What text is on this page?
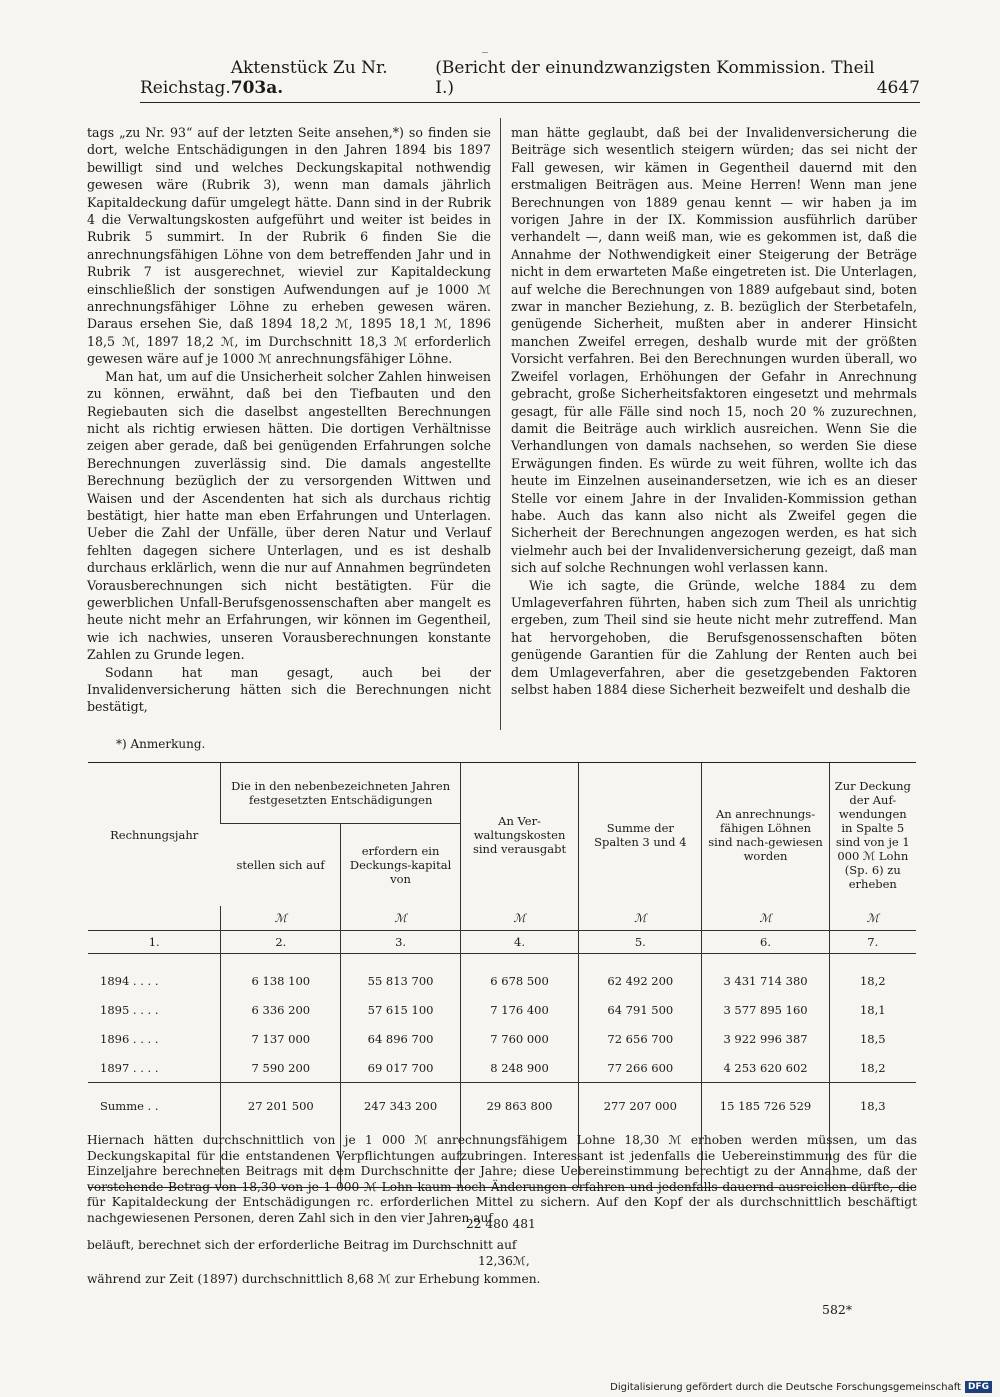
Reichstag.
Aktenstück Zu Nr. 703a.
(Bericht der einundzwanzigsten Kommission. Theil I.)	4647

tags „zu Nr. 93“ auf der letzten Seite ansehen,*) so finden sie dort, welche Entschädigungen in den Jahren 1894 bis 1897 bewilligt sind und welches Deckungskapital nothwendig gewesen wäre (Rubrik 3), wenn man damals jährlich Kapitaldeckung dafür umgelegt hätte. Dann sind in der Rubrik 4 die Verwaltungskosten aufgeführt und weiter ist beides in Rubrik 5 summirt. In der Rubrik 6 finden Sie die anrechnungsfähigen Löhne von dem betreffenden Jahr und in Rubrik 7 ist ausgerechnet, wieviel zur Kapitaldeckung einschließlich der sonstigen Aufwendungen auf je 1000 ℳ anrechnungsfähiger Löhne zu erheben gewesen wären. Daraus ersehen Sie, daß 1894 18,2 ℳ, 1895 18,1 ℳ, 1896 18,5 ℳ, 1897 18,2 ℳ, im Durchschnitt 18,3 ℳ erforderlich gewesen wäre auf je 1000 ℳ anrechnungsfähiger Löhne.

Man hat, um auf die Unsicherheit solcher Zahlen hinweisen zu können, erwähnt, daß bei den Tiefbauten und den Regiebauten sich die daselbst angestellten Berechnungen nicht als richtig erwiesen hätten. Die dortigen Verhältnisse zeigen aber gerade, daß bei genügenden Erfahrungen solche Berechnungen zuverlässig sind. Die damals angestellte Berechnung bezüglich der zu versorgenden Wittwen und Waisen und der Ascendenten hat sich als durchaus richtig bestätigt, hier hatte man eben Erfahrungen und Unterlagen. Ueber die Zahl der Unfälle, über deren Natur und Verlauf fehlten dagegen sichere Unterlagen, und es ist deshalb durchaus erklärlich, wenn die nur auf Annahmen begründeten Vorausberechnungen sich nicht bestätigten. Für die gewerblichen Unfall-Berufsgenossenschaften aber mangelt es heute nicht mehr an Erfahrungen, wir können im Gegentheil, wie ich nachwies, unseren Vorausberechnungen konstante Zahlen zu Grunde legen.

Sodann hat man gesagt, auch bei der Invalidenversicherung hätten sich die Berechnungen nicht bestätigt,

man hätte geglaubt, daß bei der Invalidenversicherung die Beiträge sich wesentlich steigern würden; das sei nicht der Fall gewesen, wir kämen in Gegentheil dauernd mit den erstmaligen Beiträgen aus. Meine Herren! Wenn man jene Berechnungen von 1889 genau kennt — wir haben ja im vorigen Jahre in der IX. Kommission ausführlich darüber verhandelt —, dann weiß man, wie es gekommen ist, daß die Annahme der Nothwendigkeit einer Steigerung der Beträge nicht in dem erwarteten Maße eingetreten ist. Die Unterlagen, auf welche die Berechnungen von 1889 aufgebaut sind, boten zwar in mancher Beziehung, z. B. bezüglich der Sterbetafeln, genügende Sicherheit, mußten aber in anderer Hinsicht manchen Zweifel erregen, deshalb wurde mit der größten Vorsicht verfahren. Bei den Berechnungen wurden überall, wo Zweifel vorlagen, Erhöhungen der Gefahr in Anrechnung gebracht, große Sicherheitsfaktoren eingesetzt und mehrmals gesagt, für alle Fälle sind noch 15, noch 20 % zuzurechnen, damit die Beiträge auch wirklich ausreichen. Wenn Sie die Verhandlungen von damals nachsehen, so werden Sie diese Erwägungen finden. Es würde zu weit führen, wollte ich das heute im Einzelnen auseinandersetzen, wie ich es an dieser Stelle vor einem Jahre in der Invaliden-Kommission gethan habe. Auch das kann also nicht als Zweifel gegen die Sicherheit der Berechnungen angezogen werden, es hat sich vielmehr auch bei der Invalidenversicherung gezeigt, daß man sich auf solche Rechnungen wohl verlassen kann.

Wie ich sagte, die Gründe, welche 1884 zu dem Umlageverfahren führten, haben sich zum Theil als unrichtig ergeben, zum Theil sind sie heute nicht mehr zutreffend. Man hat hervorgehoben, die Berufsgenossenschaften böten genügende Garantien für die Zahlung der Renten auch bei dem Umlageverfahren, aber die gesetzgebenden Faktoren selbst haben 1884 diese Sicherheit bezweifelt und deshalb die

*) Anmerkung.
Rechnungsjahr	Die in den nebenbezeichneten Jahren festgesetzten Entschädigungen		An Ver-waltungskosten sind verausgabt	Summe der Spalten 3 und 4	An anrechnungs-fähigen Löhnen sind nach-gewiesen worden	Zur Deckung der Auf-wendungen in Spalte 5 sind von je 1 000 ℳ Lohn (Sp. 6) zu erheben
	stellen sich auf	erfordern ein Deckungs-kapital von				
	ℳ	ℳ	ℳ	ℳ	ℳ	ℳ
1.	2.	3.	4.	5.	6.	7.
1894 . . . .	6 138 100	55 813 700	6 678 500	62 492 200	3 431 714 380	18,2
1895 . . . .	6 336 200	57 615 100	7 176 400	64 791 500	3 577 895 160	18,1
1896 . . . .	7 137 000	64 896 700	7 760 000	72 656 700	3 922 996 387	18,5
1897 . . . .	7 590 200	69 017 700	8 248 900	77 266 600	4 253 620 602	18,2
Summe . .	27 201 500	247 343 200	29 863 800	277 207 000	15 185 726 529	18,3

Hiernach hätten durchschnittlich von je 1 000 ℳ anrechnungsfähigem Lohne 18,30 ℳ erhoben werden müssen, um das Deckungskapital für die entstandenen Verpflichtungen aufzubringen. Interessant ist jedenfalls die Uebereinstimmung des für die Einzeljahre berechneten Beitrags mit dem Durchschnitte der Jahre; diese Uebereinstimmung berechtigt zu der Annahme, daß der vorstehende Betrag von 18,30 von je 1 000 ℳ Lohn kaum noch Änderungen erfahren und jedenfalls dauernd ausreichen dürfte, die für Kapitaldeckung der Entschädigungen rc. erforderlichen Mittel zu sichern. Auf den Kopf der als durchschnittlich beschäftigt nachgewiesenen Personen, deren Zahl sich in den vier Jahren auf

22 480 481
beläuft, berechnet sich der erforderliche Beitrag im Durchschnitt auf
12,36ℳ,
während zur Zeit (1897) durchschnittlich 8,68 ℳ zur Erhebung kommen.
582*
Digitalisierung gefördert durch die Deutsche Forschungsgemeinschaft DFG
